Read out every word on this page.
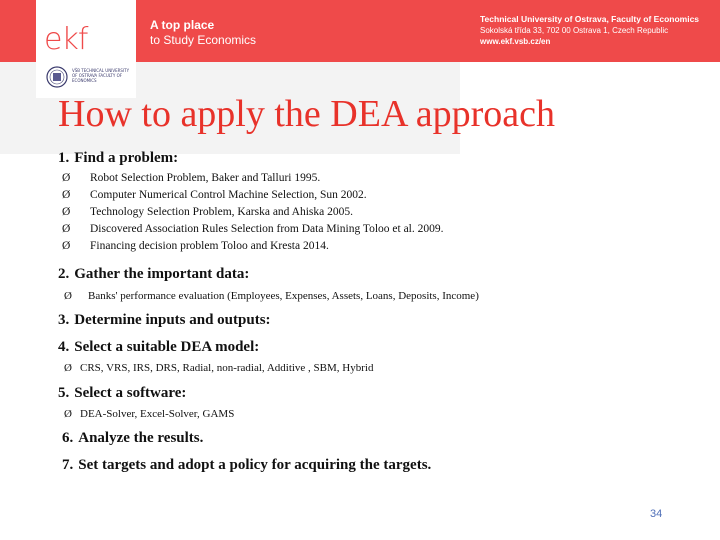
A top place
to Study Economics
Technical University of Ostrava, Faculty of Economics
Sokolská třída 33, 702 00 Ostrava 1, Czech Republic
www.ekf.vsb.cz/en
ekf
VŠB TECHNICAL UNIVERSITY OF OSTRAVA FACULTY OF ECONOMICS
How to apply the DEA approach
1. Find a problem:
Ø Robot Selection Problem, Baker and Talluri 1995.
Ø Computer Numerical Control Machine Selection, Sun 2002.
Ø Technology Selection Problem, Karska and Ahiska 2005.
Ø Discovered Association Rules Selection from Data Mining Toloo et al. 2009.
Ø Financing decision problem Toloo and Kresta 2014.
2. Gather the important data:
Ø Banks' performance evaluation (Employees, Expenses, Assets, Loans, Deposits, Income)
3. Determine inputs and outputs:
4. Select a suitable DEA model:
Ø CRS, VRS, IRS, DRS, Radial, non-radial, Additive , SBM, Hybrid
5. Select a software:
Ø DEA-Solver, Excel-Solver, GAMS
6. Analyze the results.
7. Set targets and adopt a policy for acquiring the targets.
34
